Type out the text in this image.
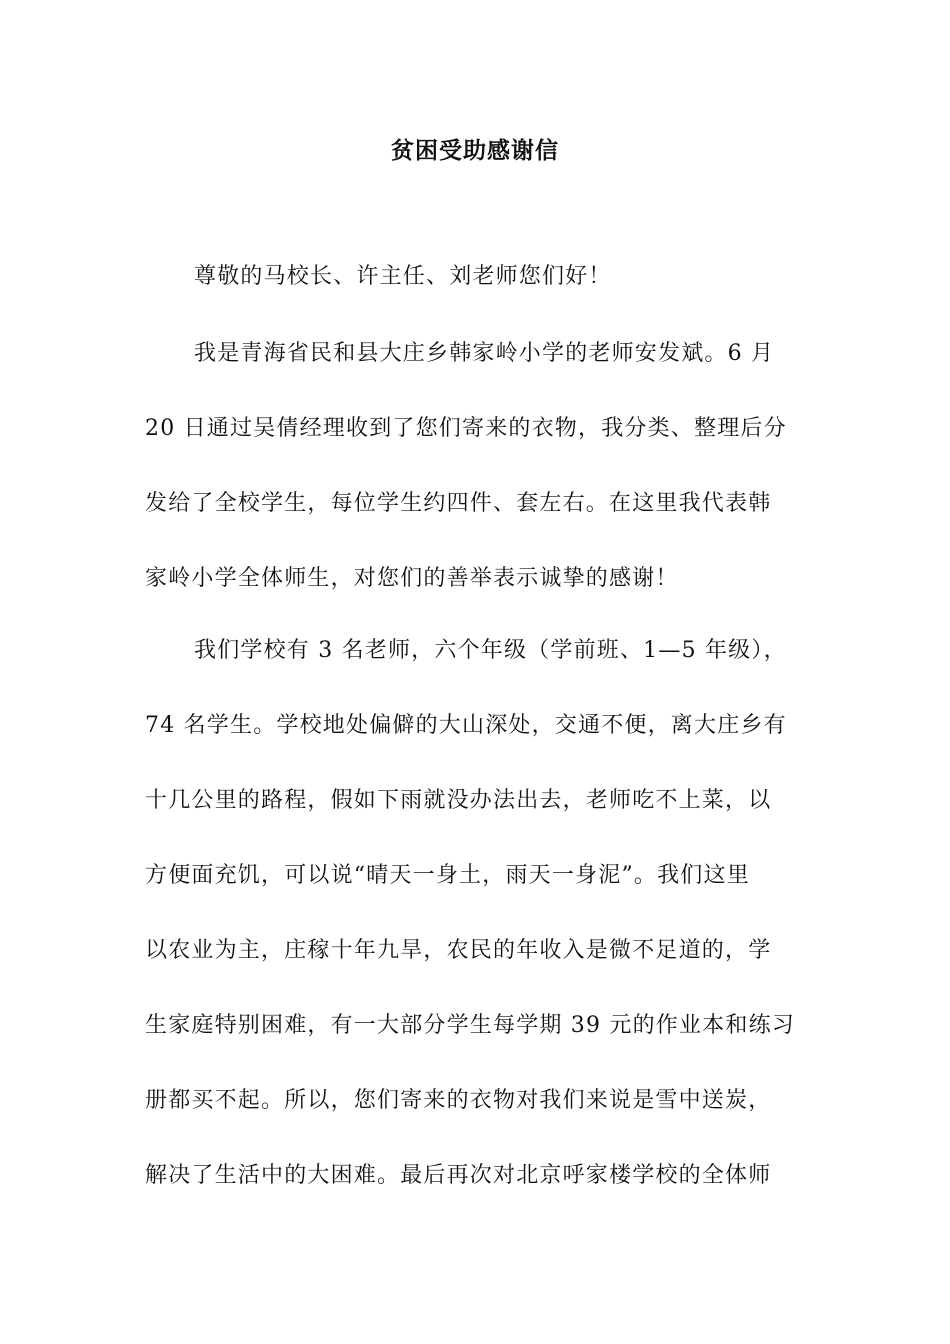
贫困受助感谢信
尊敬的马校长、许主任、刘老师您们好！
我是青海省民和县大庄乡韩家岭小学的老师安发斌。6 月
20 日通过吴倩经理收到了您们寄来的衣物，我分类、整理后分
发给了全校学生，每位学生约四件、套左右。在这里我代表韩
家岭小学全体师生，对您们的善举表示诚挚的感谢！
我们学校有 3 名老师，六个年级（学前班、1—5 年级），
74 名学生。学校地处偏僻的大山深处，交通不便，离大庄乡有
十几公里的路程，假如下雨就没办法出去，老师吃不上菜，以
方便面充饥，可以说“晴天一身土，雨天一身泥”。我们这里
以农业为主，庄稼十年九旱，农民的年收入是微不足道的，学
生家庭特别困难，有一大部分学生每学期 39 元的作业本和练习
册都买不起。所以，您们寄来的衣物对我们来说是雪中送炭，
解决了生活中的大困难。最后再次对北京呼家楼学校的全体师
